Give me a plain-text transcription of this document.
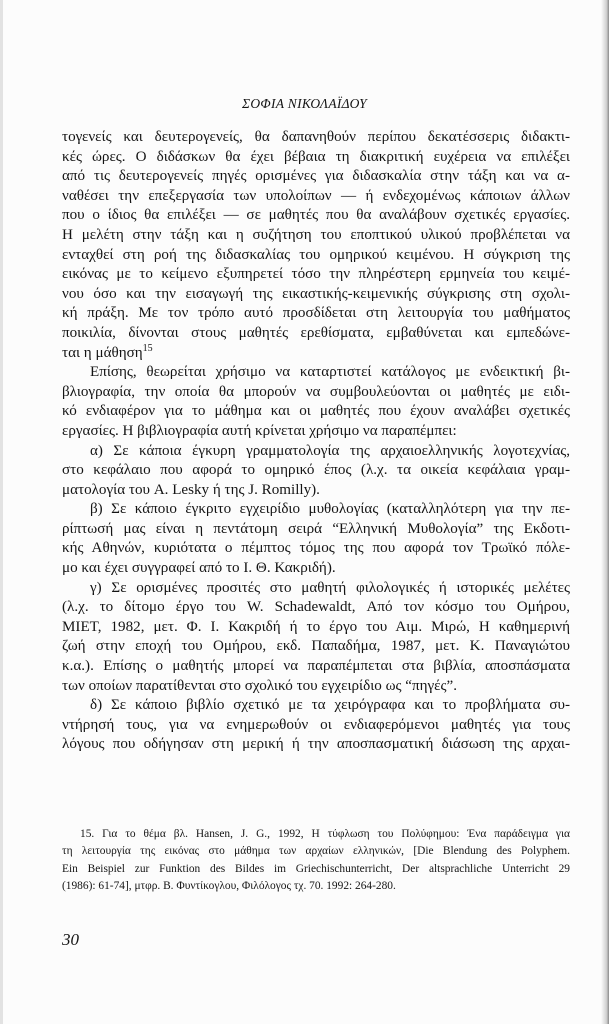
ΣΟΦΙΑ ΝΙΚΟΛΑΪΔΟΥ

τογενείς και δευτερογενείς, θα δαπανηθούν περίπου δεκατέσσερις διδακτι-
κές ώρες. Ο διδάσκων θα έχει βέβαια τη διακριτική ευχέρεια να επιλέξει
από τις δευτερογενείς πηγές ορισμένες για διδασκαλία στην τάξη και να α-
ναθέσει την επεξεργασία των υπολοίπων — ή ενδεχομένως κάποιων άλλων
που ο ίδιος θα επιλέξει — σε μαθητές που θα αναλάβουν σχετικές εργασίες.
Η μελέτη στην τάξη και η συζήτηση του εποπτικού υλικού προβλέπεται να
ενταχθεί στη ροή της διδασκαλίας του ομηρικού κειμένου. Η σύγκριση της
εικόνας με το κείμενο εξυπηρετεί τόσο την πληρέστερη ερμηνεία του κειμέ-
νου όσο και την εισαγωγή της εικαστικής-κειμενικής σύγκρισης στη σχολι-
κή πράξη. Με τον τρόπο αυτό προσδίδεται στη λειτουργία του μαθήματος
ποικιλία, δίνονται στους μαθητές ερεθίσματα, εμβαθύνεται και εμπεδώνε-
ται η μάθηση$^{15}$

Επίσης, θεωρείται χρήσιμο να καταρτιστεί κατάλογος με ενδεικτική βι-
βλιογραφία, την οποία θα μπορούν να συμβουλεύονται οι μαθητές με ειδι-
κό ενδιαφέρον για το μάθημα και οι μαθητές που έχουν αναλάβει σχετικές
εργασίες. Η βιβλιογραφία αυτή κρίνεται χρήσιμο να παραπέμπει:

α) Σε κάποια έγκυρη γραμματολογία της αρχαιοελληνικής λογοτεχνίας,
στο κεφάλαιο που αφορά το ομηρικό έπος (λ.χ. τα οικεία κεφάλαια γραμ-
ματολογία του A. Lesky ή της J. Romilly).

β) Σε κάποιο έγκριτο εγχειρίδιο μυθολογίας (καταλληλότερη για την πε-
ρίπτωσή μας είναι η πεντάτομη σειρά “Ελληνική Μυθολογία” της Εκδοτι-
κής Αθηνών, κυριότατα ο πέμπτος τόμος της που αφορά τον Τρωϊκό πόλε-
μο και έχει συγγραφεί από το Ι. Θ. Κακριδή).

γ) Σε ορισμένες προσιτές στο μαθητή φιλολογικές ή ιστορικές μελέτες
(λ.χ. το δίτομο έργο του W. Schadewaldt, Από τον κόσμο του Ομήρου,
ΜΙΕΤ, 1982, μετ. Φ. Ι. Κακριδή ή το έργο του Αιμ. Μιρώ, Η καθημερινή
ζωή στην εποχή του Ομήρου, εκδ. Παπαδήμα, 1987, μετ. Κ. Παναγιώτου
κ.α.). Επίσης ο μαθητής μπορεί να παραπέμπεται στα βιβλία, αποσπάσματα
των οποίων παρατίθενται στο σχολικό του εγχειρίδιο ως “πηγές”.

δ) Σε κάποιο βιβλίο σχετικό με τα χειρόγραφα και το προβλήματα συ-
ντήρησή τους, για να ενημερωθούν οι ενδιαφερόμενοι μαθητές για τους
λόγους που οδήγησαν στη μερική ή την αποσπασματική διάσωση της αρχαι-

15. Για το θέμα βλ. Hansen, J. G., 1992, Η τύφλωση του Πολύφημου: Ένα παράδειγμα για
τη λειτουργία της εικόνας στο μάθημα των αρχαίων ελληνικών, [Die Blendung des Polyphem.
Ein Beispiel zur Funktion des Bildes im Griechischunterricht, Der altsprachliche Unterricht 29
(1986): 61-74], μτφρ. Β. Φυντίκογλου, Φιλόλογος τχ. 70. 1992: 264-280.
30
